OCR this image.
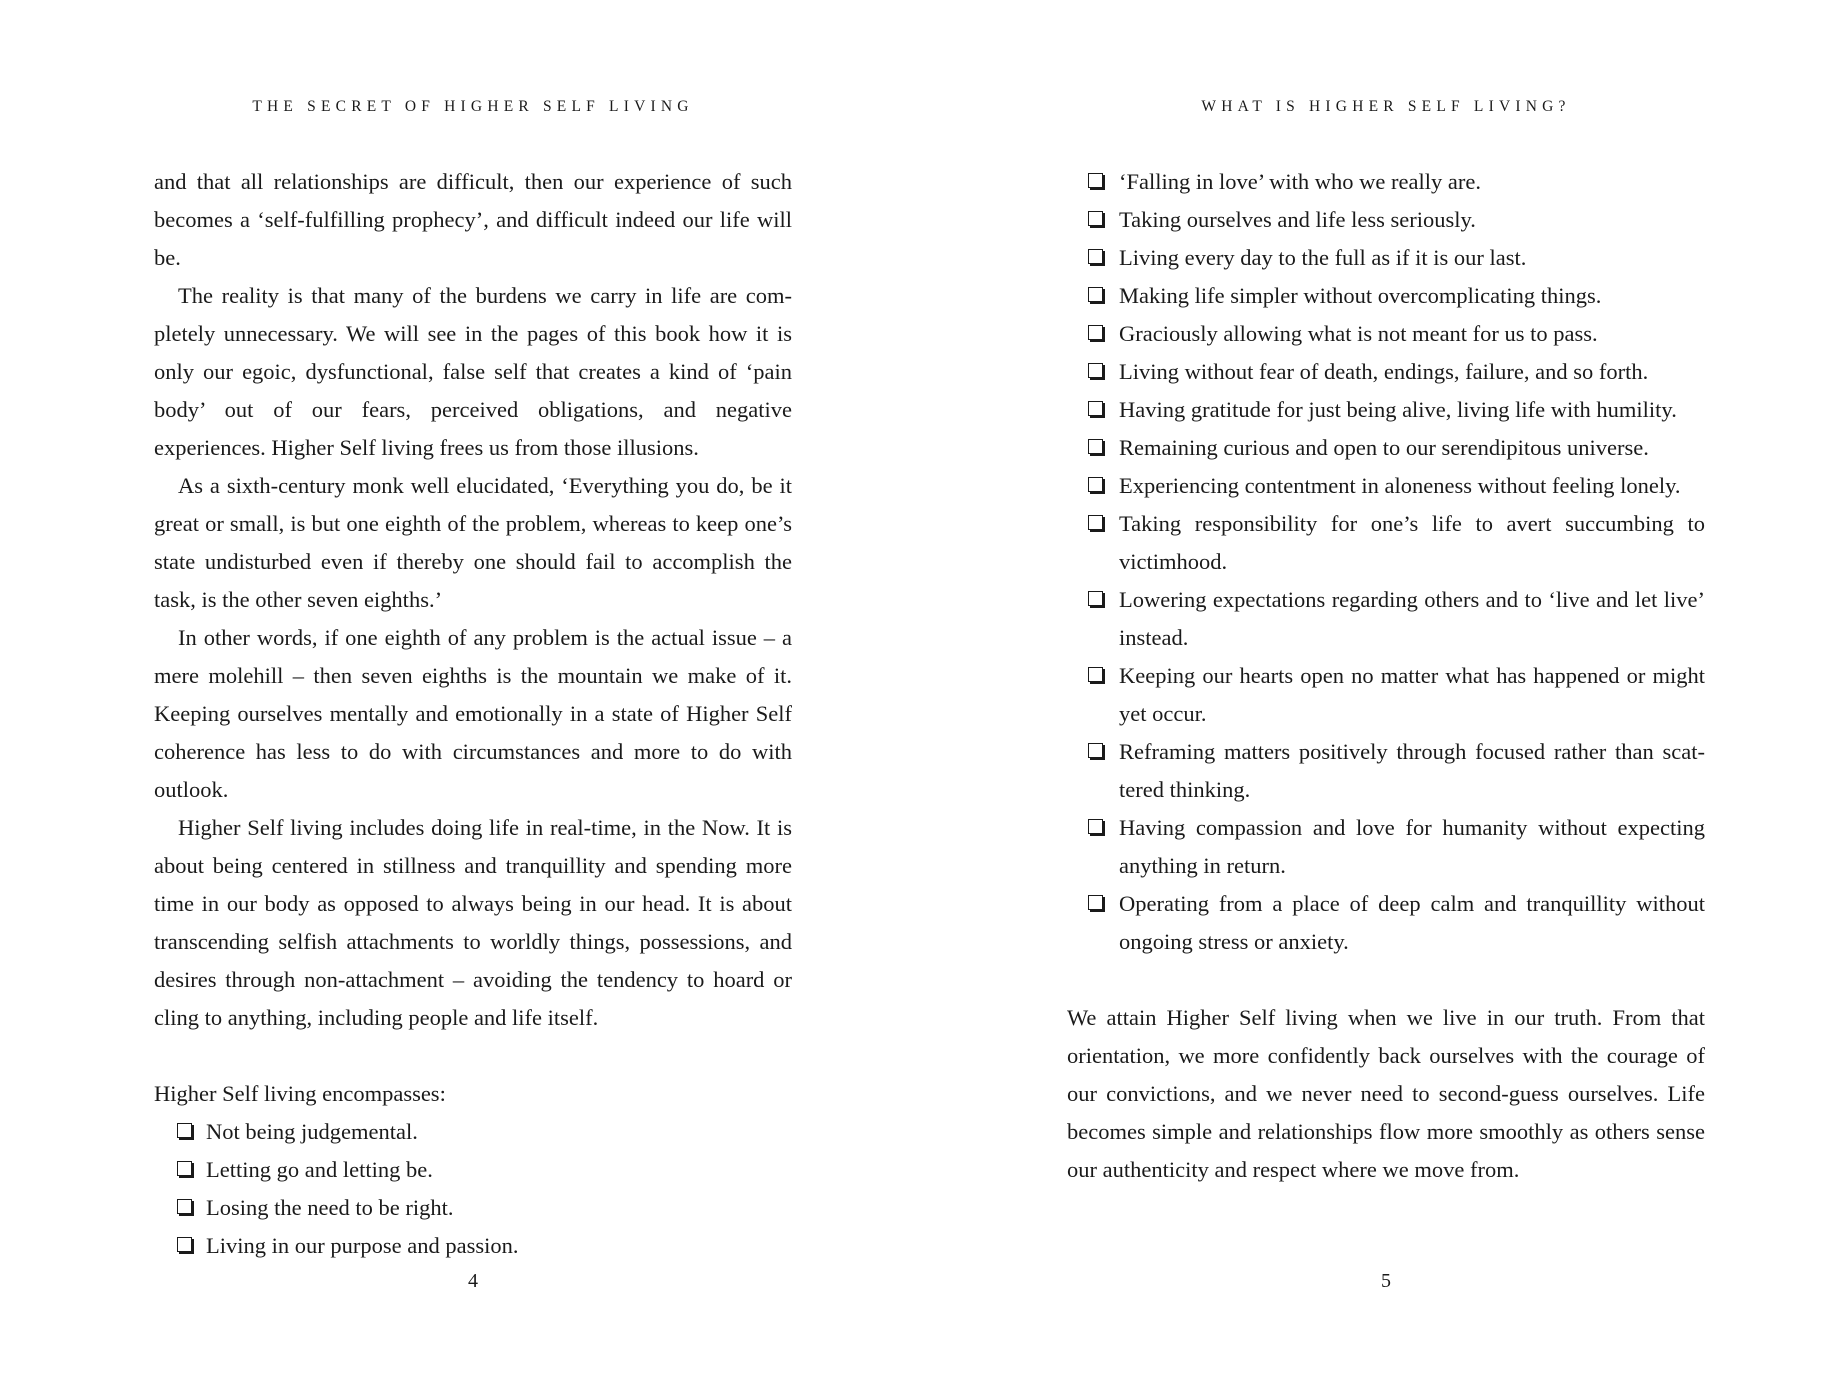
THE SECRET OF HIGHER SELF LIVING

and that all relationships are difficult, then our experience of such becomes a ‘self-fulfilling prophecy’, and difficult indeed our life will be.

The reality is that many of the burdens we carry in life are completely unnecessary. We will see in the pages of this book how it is only our egoic, dysfunctional, false self that creates a kind of ‘pain body’ out of our fears, perceived obligations, and negative experiences. Higher Self living frees us from those illusions.

As a sixth-century monk well elucidated, ‘Everything you do, be it great or small, is but one eighth of the problem, whereas to keep one’s state undisturbed even if thereby one should fail to accomplish the task, is the other seven eighths.’

In other words, if one eighth of any problem is the actual issue – a mere molehill – then seven eighths is the mountain we make of it. Keeping ourselves mentally and emotionally in a state of Higher Self coherence has less to do with circumstances and more to do with outlook.

Higher Self living includes doing life in real-time, in the Now. It is about being centered in stillness and tranquillity and spending more time in our body as opposed to always being in our head. It is about transcending selfish attachments to worldly things, possessions, and desires through non-attachment – avoiding the tendency to hoard or cling to anything, including people and life itself.

Higher Self living encompasses:

Not being judgemental.
Letting go and letting be.
Losing the need to be right.
Living in our purpose and passion.
4
WHAT IS HIGHER SELF LIVING?
‘Falling in love’ with who we really are.
Taking ourselves and life less seriously.
Living every day to the full as if it is our last.
Making life simpler without overcomplicating things.
Graciously allowing what is not meant for us to pass.
Living without fear of death, endings, failure, and so forth.
Having gratitude for just being alive, living life with humility.
Remaining curious and open to our serendipitous universe.
Experiencing contentment in aloneness without feeling lonely.
Taking responsibility for one’s life to avert succumbing to victimhood.
Lowering expectations regarding others and to ‘live and let live’ instead.
Keeping our hearts open no matter what has happened or might yet occur.
Reframing matters positively through focused rather than scattered thinking.
Having compassion and love for humanity without expecting anything in return.
Operating from a place of deep calm and tranquillity without ongoing stress or anxiety.

We attain Higher Self living when we live in our truth. From that orientation, we more confidently back ourselves with the courage of our convictions, and we never need to second-guess ourselves. Life becomes simple and relationships flow more smoothly as others sense our authenticity and respect where we move from.

5
